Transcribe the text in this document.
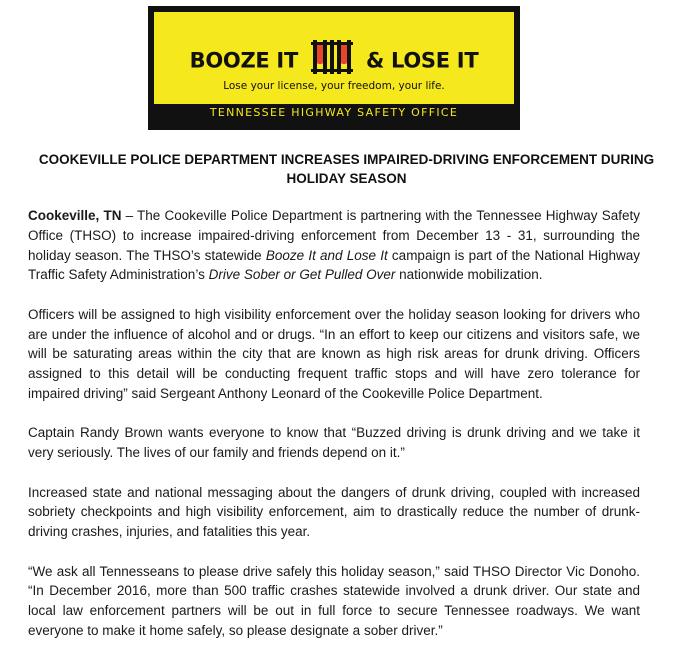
BOOZE IT	& LOSE IT
Lose your license, your freedom, your life.
TENNESSEE HIGHWAY SAFETY OFFICE
COOKEVILLE POLICE DEPARTMENT INCREASES IMPAIRED-DRIVING ENFORCEMENT DURING HOLIDAY SEASON

Cookeville, TN – The Cookeville Police Department is partnering with the Tennessee Highway Safety Office (THSO) to increase impaired-driving enforcement from December 13 - 31, surrounding the holiday season. The THSO’s statewide Booze It and Lose It campaign is part of the National Highway Traffic Safety Administration’s Drive Sober or Get Pulled Over nationwide mobilization.

Officers will be assigned to high visibility enforcement over the holiday season looking for drivers who are under the influence of alcohol and or drugs. “In an effort to keep our citizens and visitors safe, we will be saturating areas within the city that are known as high risk areas for drunk driving. Officers assigned to this detail will be conducting frequent traffic stops and will have zero tolerance for impaired driving” said Sergeant Anthony Leonard of the Cookeville Police Department.

Captain Randy Brown wants everyone to know that “Buzzed driving is drunk driving and we take it very seriously. The lives of our family and friends depend on it.”

Increased state and national messaging about the dangers of drunk driving, coupled with increased sobriety checkpoints and high visibility enforcement, aim to drastically reduce the number of drunk-driving crashes, injuries, and fatalities this year.

“We ask all Tennesseans to please drive safely this holiday season,” said THSO Director Vic Donoho. “In December 2016, more than 500 traffic crashes statewide involved a drunk driver. Our state and local law enforcement partners will be out in full force to secure Tennessee roadways. We want everyone to make it home safely, so please designate a sober driver.”
